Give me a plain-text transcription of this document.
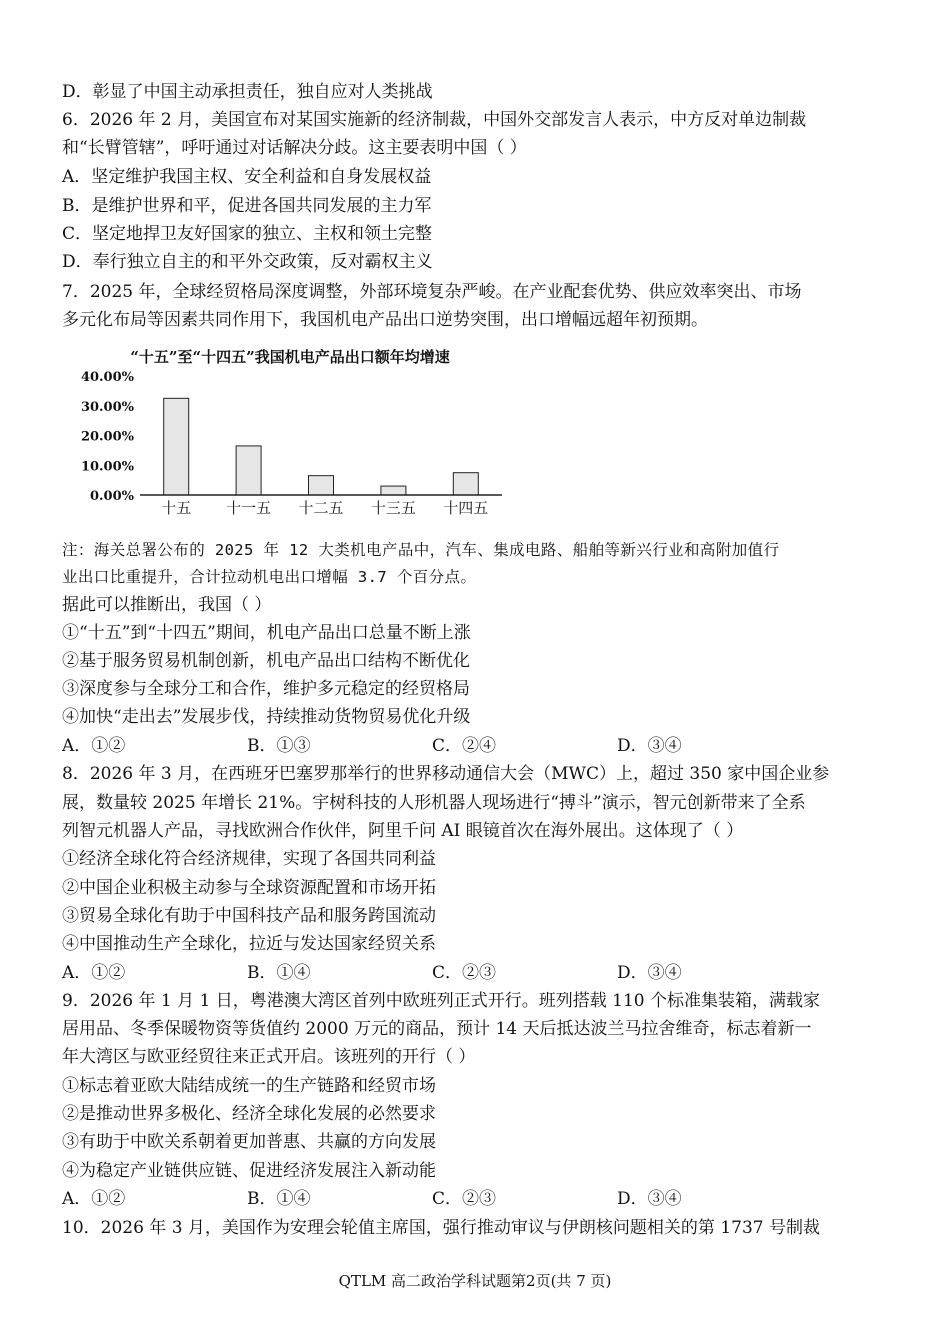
D．彰显了中国主动承担责任，独自应对人类挑战
6．2026 年 2 月，美国宣布对某国实施新的经济制裁，中国外交部发言人表示，中方反对单边制裁
和“长臂管辖”，呼吁通过对话解决分歧。这主要表明中国（ ）
A．坚定维护我国主权、安全利益和自身发展权益
B．是维护世界和平，促进各国共同发展的主力军
C．坚定地捍卫友好国家的独立、主权和领土完整
D．奉行独立自主的和平外交政策，反对霸权主义
7．2025 年，全球经贸格局深度调整，外部环境复杂严峻。在产业配套优势、供应效率突出、市场
多元化布局等因素共同作用下，我国机电产品出口逆势突围，出口增幅远超年初预期。
“十五”至“十四五”我国机电产品出口额年均增速
0.00%
10.00%
20.00%
30.00%
40.00%
十五 十一五 十二五 十三五 十四五
注：海关总署公布的 2025 年 12 大类机电产品中，汽车、集成电路、船舶等新兴行业和高附加值行
业出口比重提升，合计拉动机电出口增幅 3.7 个百分点。
据此可以推断出，我国（ ）
①“十五”到“十四五”期间，机电产品出口总量不断上涨
②基于服务贸易机制创新，机电产品出口结构不断优化
③深度参与全球分工和合作，维护多元稳定的经贸格局
④加快“走出去”发展步伐，持续推动货物贸易优化升级
A．①②	B．①③	C．②④	D．③④
8．2026 年 3 月，在西班牙巴塞罗那举行的世界移动通信大会（MWC）上，超过 350 家中国企业参
展，数量较 2025 年增长 21%。宇树科技的人形机器人现场进行“搏斗”演示，智元创新带来了全系
列智元机器人产品，寻找欧洲合作伙伴，阿里千问 AI 眼镜首次在海外展出。这体现了（ ）
①经济全球化符合经济规律，实现了各国共同利益
②中国企业积极主动参与全球资源配置和市场开拓
③贸易全球化有助于中国科技产品和服务跨国流动
④中国推动生产全球化，拉近与发达国家经贸关系
A．①②	B．①④	C．②③	D．③④
9．2026 年 1 月 1 日，粤港澳大湾区首列中欧班列正式开行。班列搭载 110 个标准集装箱，满载家
居用品、冬季保暖物资等货值约 2000 万元的商品，预计 14 天后抵达波兰马拉舍维奇，标志着新一
年大湾区与欧亚经贸往来正式开启。该班列的开行（ ）
①标志着亚欧大陆结成统一的生产链路和经贸市场
②是推动世界多极化、经济全球化发展的必然要求
③有助于中欧关系朝着更加普惠、共赢的方向发展
④为稳定产业链供应链、促进经济发展注入新动能
A．①②	B．①④	C．②③	D．③④
10．2026 年 3 月，美国作为安理会轮值主席国，强行推动审议与伊朗核问题相关的第 1737 号制裁
QTLM 高二政治学科试题第2页(共 7 页)
